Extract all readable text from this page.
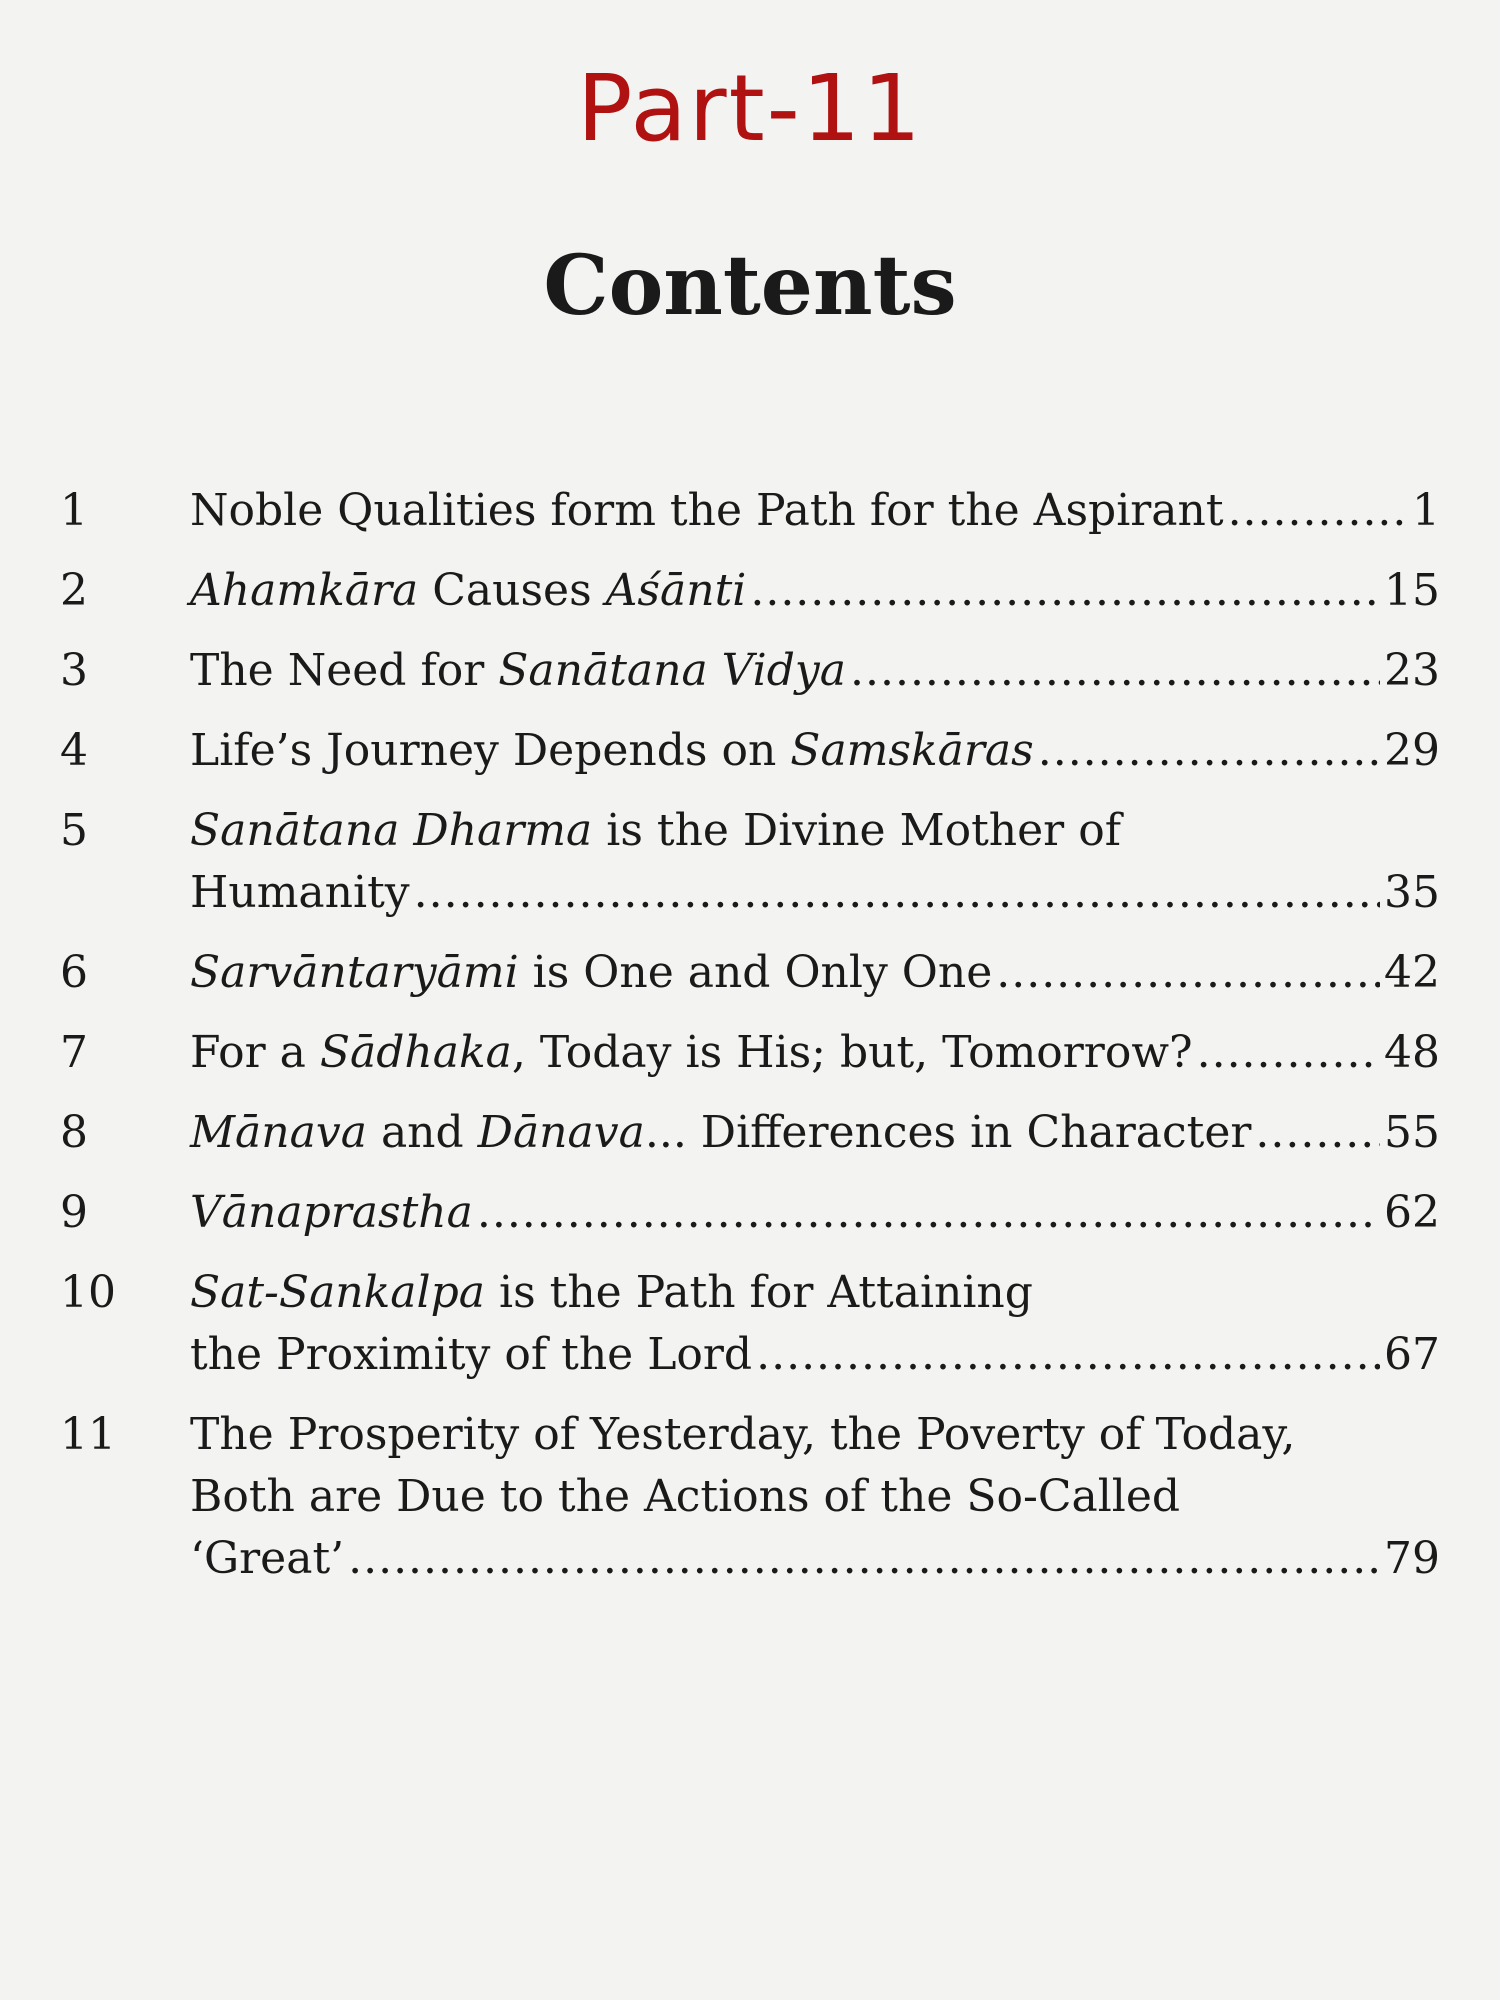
Part-11
Contents
1	Noble Qualities form the Path for the Aspirant .....	1
2	Ahamkāra Causes Aśānti .....	15
3	The Need for Sanātana Vidya .....	23
4	Life’s Journey Depends on Samskāras .....	29
5	Sanātana Dharma is the Divine Mother of
Humanity .....	35
6	Sarvāntaryāmi is One and Only One .....	42
7	For a Sādhaka, Today is His; but, Tomorrow? .....	48
8	Mānava and Dānava... Differences in Character .....	55
9	Vānaprastha .....	62
10	Sat-Sankalpa is the Path for Attaining
the Proximity of the Lord .....	67
11	The Prosperity of Yesterday, the Poverty of Today,
Both are Due to the Actions of the So-Called
‘Great’ .....	79
